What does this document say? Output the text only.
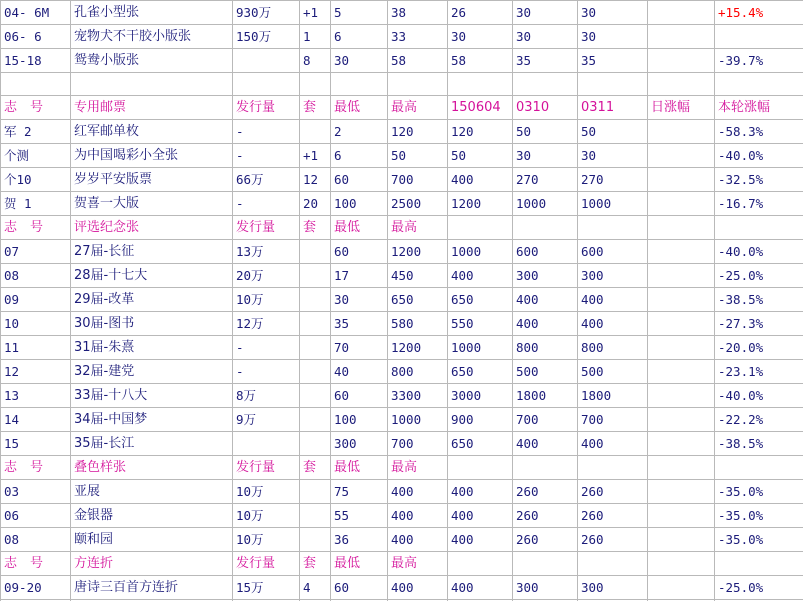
04- 6M	孔雀小型张	930万	+1	5	38	26	30	30		+15.4%
06- 6	宠物犬不干胶小版张	150万	1	6	33	30	30	30		
15-18	鸳鸯小版张		8	30	58	58	35	35		-39.7%

志　号	专用邮票	发行量	套	最低	最高	150604	0310	0311	日涨幅	本轮涨幅
军 2	红军邮单枚	-		2	120	120	50	50		-58.3%
个测	为中国喝彩小全张	-	+1	6	50	50	30	30		-40.0%
个10	岁岁平安版票	66万	12	60	700	400	270	270		-32.5%
贺 1	贺喜一大版	-	20	100	2500	1200	1000	1000		-16.7%
志　号	评选纪念张	发行量	套	最低	最高					
07	27届-长征	13万		60	1200	1000	600	600		-40.0%
08	28届-十七大	20万		17	450	400	300	300		-25.0%
09	29届-改革	10万		30	650	650	400	400		-38.5%
10	30届-图书	12万		35	580	550	400	400		-27.3%
11	31届-朱熹	-		70	1200	1000	800	800		-20.0%
12	32届-建党	-		40	800	650	500	500		-23.1%
13	33届-十八大	8万		60	3300	3000	1800	1800		-40.0%
14	34届-中国梦	9万		100	1000	900	700	700		-22.2%
15	35届-长江			300	700	650	400	400		-38.5%
志　号	叠色样张	发行量	套	最低	最高					
03	亚展	10万		75	400	400	260	260		-35.0%
06	金银器	10万		55	400	400	260	260		-35.0%
08	颐和园	10万		36	400	400	260	260		-35.0%
志　号	方连折	发行量	套	最低	最高					
09-20	唐诗三百首方连折	15万	4	60	400	400	300	300		-25.0%
